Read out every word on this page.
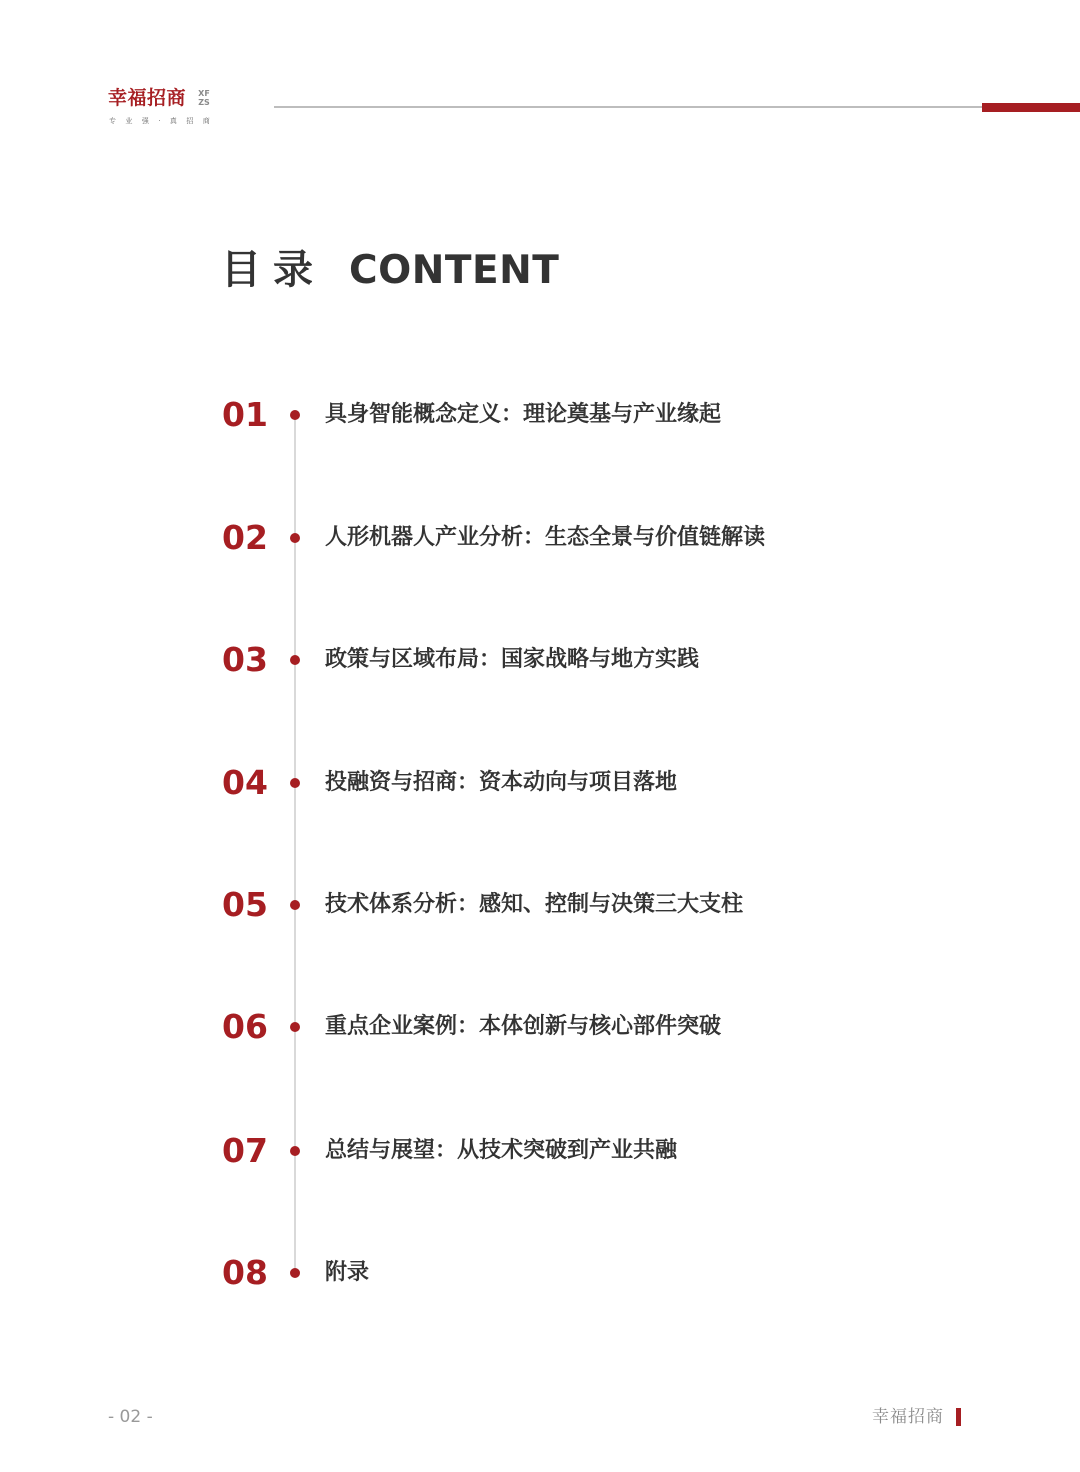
幸福招商 XF
ZS
专 业 强 · 真 招 商
目录 CONTENT
01	具身智能概念定义：理论奠基与产业缘起
02	人形机器人产业分析：生态全景与价值链解读
03	政策与区域布局：国家战略与地方实践
04	投融资与招商：资本动向与项目落地
05	技术体系分析：感知、控制与决策三大支柱
06	重点企业案例：本体创新与核心部件突破
07	总结与展望：从技术突破到产业共融
08	附录
- 02 -	幸福招商
